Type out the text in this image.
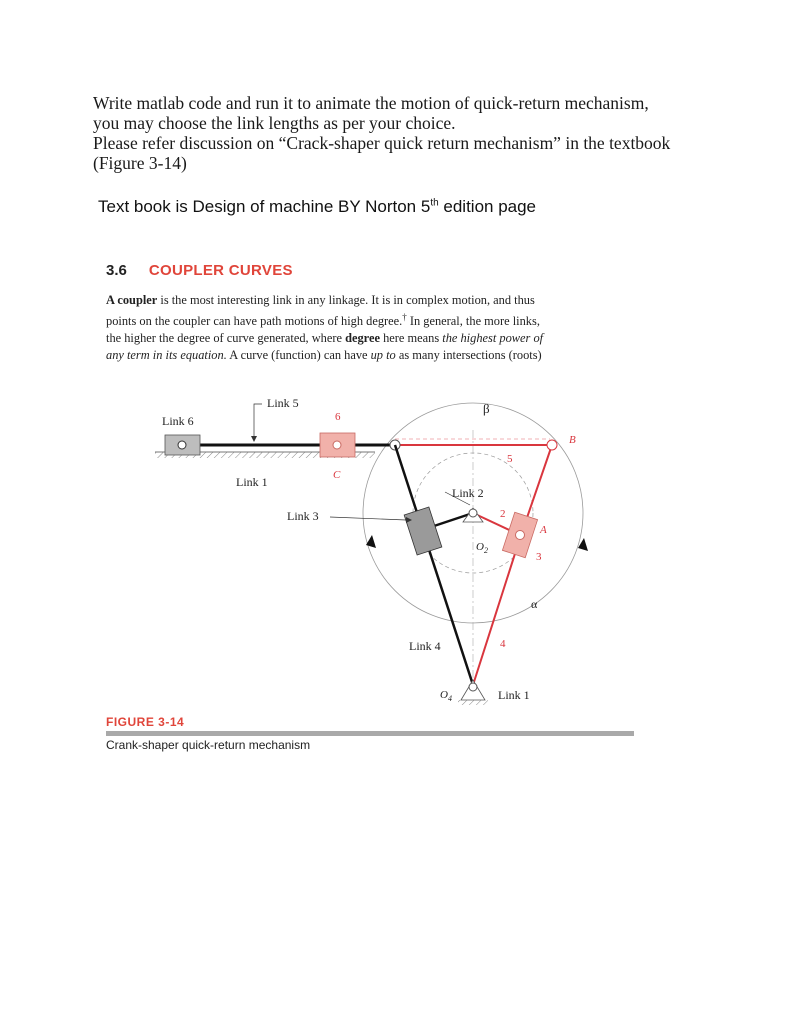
Write matlab code and run it to animate the motion of quick-return mechanism,
you may choose the link lengths as per your choice.
Please refer discussion on “Crack-shaper quick return mechanism” in the textbook
(Figure 3-14)
Text book is Design of machine BY Norton 5th edition page
3.6 COUPLER CURVES
A coupler is the most interesting link in any linkage. It is in complex motion, and thus
points on the coupler can have path motions of high degree.† In general, the more links,
the higher the degree of curve generated, where degree here means the highest power of
any term in its equation. A curve (function) can have up to as many intersections (roots)
Link 5
Link 6
Link 1
Link 3
Link 2
Link 4
Link 1
β
α
$O_2$
$O_4$
6
C
B
5
2
A
3
4
FIGURE 3-14
Crank-shaper quick-return mechanism
